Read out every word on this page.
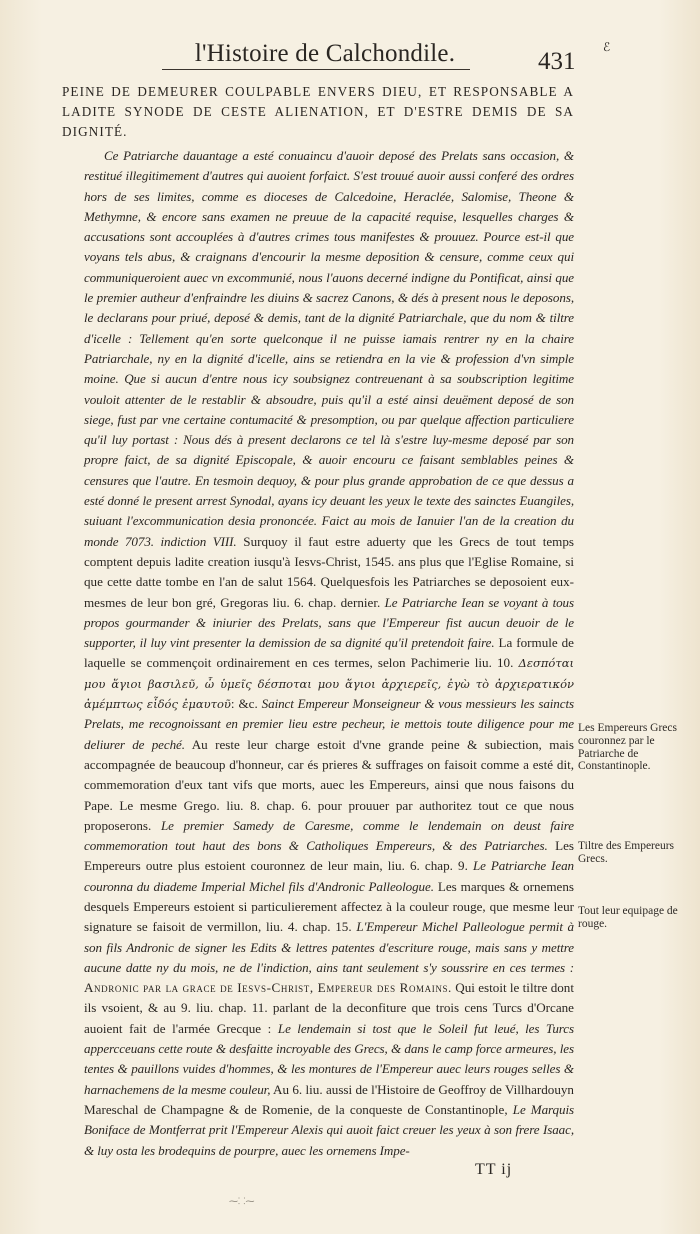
l'Histoire de Calchondile.	431
ℰ
PEINE DE DEMEURER COULPABLE ENVERS DIEU, ET RESPONSABLE A LADITE SYNODE DE CESTE ALIENATION, ET D'ESTRE DEMIS DE SA DIGNITÉ.

Ce Patriarche dauantage a esté conuaincu d'auoir deposé des Prelats sans occasion, & restitué illegitimement d'autres qui auoient forfaict. S'est trouué auoir aussi conferé des ordres hors de ses limites, comme es dioceses de Calcedoine, Heraclée, Salomise, Theone & Methymne, & encore sans examen ne preuue de la capacité requise, lesquelles charges & accusations sont accouplées à d'autres crimes tous manifestes & prouuez. Pource est-il que voyans tels abus, & craignans d'encourir la mesme deposition & censure, comme ceux qui communiqueroient auec vn excommunié, nous l'auons decerné indigne du Pontificat, ainsi que le premier autheur d'enfraindre les diuins & sacrez Canons, & dés à present nous le deposons, le declarans pour priué, deposé & demis, tant de la dignité Patriarchale, que du nom & tiltre d'icelle : Tellement qu'en sorte quelconque il ne puisse iamais rentrer ny en la chaire Patriarchale, ny en la dignité d'icelle, ains se retiendra en la vie & profession d'vn simple moine. Que si aucun d'entre nous icy soubsignez contreuenant à sa soubscription legitime vouloit attenter de le restablir & absoudre, puis qu'il a esté ainsi deuëment deposé de son siege, fust par vne certaine contumacité & presomption, ou par quelque affection particuliere qu'il luy portast : Nous dés à present declarons ce tel là s'estre luy-mesme deposé par son propre faict, de sa dignité Episcopale, & auoir encouru ce faisant semblables peines & censures que l'autre. En tesmoin dequoy, & pour plus grande approbation de ce que dessus a esté donné le present arrest Synodal, ayans icy deuant les yeux le texte des sainctes Euangiles, suiuant l'excommunication desia prononcée. Faict au mois de Ianuier l'an de la creation du monde 7073. indiction VIII. Surquoy il faut estre aduerty que les Grecs de tout temps comptent depuis ladite creation iusqu'à Iesvs-Christ, 1545. ans plus que l'Eglise Romaine, si que cette datte tombe en l'an de salut 1564. Quelquesfois les Patriarches se deposoient eux-mesmes de leur bon gré, Gregoras liu. 6. chap. dernier. Le Patriarche Iean se voyant à tous propos gourmander & iniurier des Prelats, sans que l'Empereur fist aucun deuoir de le supporter, il luy vint presenter la demission de sa dignité qu'il pretendoit faire. La formule de laquelle se commençoit ordinairement en ces termes, selon Pachimerie liu. 10. Δεσπόται μου ἅγιοι βασιλεῦ, ὦ ὑμεῖς δέσποται μου ἅγιοι ἀρχιερεῖς, ἐγὼ τὸ ἀρχιερατικόν ἀμέμπτως εἶδός ἐμαυτοῦ: &c. Sainct Empereur Monseigneur & vous messieurs les saincts Prelats, me recognoissant en premier lieu estre pecheur, ie mettois toute diligence pour me deliurer de peché. Au reste leur charge estoit d'vne grande peine & subiection, mais accompagnée de beaucoup d'honneur, car és prieres & suffrages on faisoit comme a esté dit, commemoration d'eux tant vifs que morts, auec les Empereurs, ainsi que nous faisons du Pape. Le mesme Grego. liu. 8. chap. 6. pour prouuer par authoritez tout ce que nous proposerons. Le premier Samedy de Caresme, comme le lendemain on deust faire commemoration tout haut des bons & Catholiques Empereurs, & des Patriarches. Les Empereurs outre plus estoient couronnez de leur main, liu. 6. chap. 9. Le Patriarche Iean couronna du diademe Imperial Michel fils d'Andronic Palleologue. Les marques & ornemens desquels Empereurs estoient si particulierement affectez à la couleur rouge, que mesme leur signature se faisoit de vermillon, liu. 4. chap. 15. L'Empereur Michel Palleologue permit à son fils Andronic de signer les Edits & lettres patentes d'escriture rouge, mais sans y mettre aucune datte ny du mois, ne de l'indiction, ains tant seulement s'y soussrire en ces termes : Andronic par la grace de Iesvs-Christ, Empereur des Romains. Qui estoit le tiltre dont ils vsoient, & au 9. liu. chap. 11. parlant de la deconfiture que trois cens Turcs d'Orcane auoient fait de l'armée Grecque : Le lendemain si tost que le Soleil fut leué, les Turcs appercceuans cette route & desfaitte incroyable des Grecs, & dans le camp force armeures, les tentes & pauillons vuides d'hommes, & les montures de l'Empereur auec leurs rouges selles & harnachemens de la mesme couleur, Au 6. liu. aussi de l'Histoire de Geoffroy de Villhardouyn Mareschal de Champagne & de Romenie, de la conqueste de Constantinople, Le Marquis Boniface de Montferrat prit l'Empereur Alexis qui auoit faict creuer les yeux à son frere Isaac, & luy osta les brodequins de pourpre, auec les ornemens Impe-

Les Empereurs Grecs couronnez par le Patriarche de Constantinople.
Tiltre des Empereurs Grecs.
Tout leur equipage de rouge.
TT ij
⁓⸬⁓
